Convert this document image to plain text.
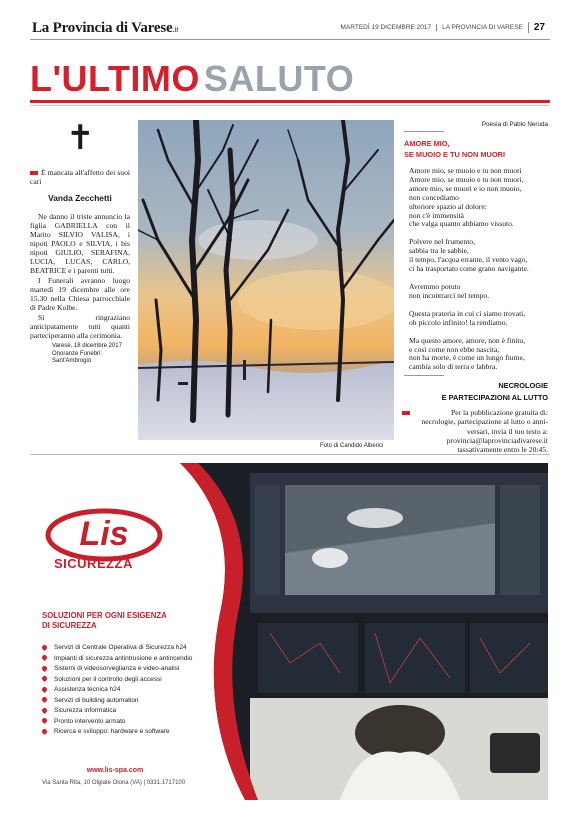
La Provincia di Varese.it	MARTEDÌ 19 DICEMBRE 2017	LA PROVINCIA DI VARESE	27
L'ULTIMO SALUTO
✝
È mancata all'affetto dei suoi cari
Vanda Zecchetti

Ne danno il triste annuncio la figlia GABRIELLA con il Marito SILVIO VALISA, i nipoti PAOLO e SILVIA, i bis nipoti GIULIO, SERAFINA, LUCIA, LUCAS, CARLO, BEATRICE e i parenti tutti.

I Funerali avranno luogo martedì 19 dicembre alle ore 15.30 nella Chiesa parrocchiale di Padre Kolbe.

Si ringraziano anticipatamente tutti quanti parteciperanno alla cerimonia.

Varese, 18 dicembre 2017
Onoranze Funebri: Sant'Ambrogio
Foto di Candido Alberici
Poesia di Pablo Neruda
AMORE MIO,
SE MUOIO E TU NON MUORI
Amore mio, se muoio e tu non muori
Amore mio, se muoio e tu non muori,
amore mio, se muori e io non muoio,
non concediamo
ulteriore spazio al dolore:
non c'è immensità
che valga quanto abbiamo vissuto.
Polvere nel frumento,
sabbia tra le sabbie,
il tempo, l'acqua errante, il vento vago,
ci ha trasportato come grano navigante.
Avremmo potuto
non incontrarci nel tempo.
Questa prateria in cui ci siamo trovati,
oh piccolo infinito! la rendiamo.
Ma questo amore, amore, non è finito,
e così come non ebbe nascita,
non ha morte, è come un lungo fiume,
cambia solo di terra e labbra.
NECROLOGIE
E PARTECIPAZIONI AL LUTTO
Per la pubblicazione gratuita di:
necrologie, partecipazione al lutto o anni-
versari, invia il tuo testo a:
provincia@laprovinciadivarese.it
tassativamente entro le 20:45.
Lis
SICUREZZA
SOLUZIONI PER OGNI ESIGENZA
DI SICUREZZA
Servizi di Centrale Operativa di Sicurezza h24
Impianti di sicurezza antintrusione e antincendio
Sistemi di videosorveglianza e video-analisi
Soluzioni per il controllo degli accessi
Assistenza tecnica h24
Servizi di building automation
Sicurezza informatica
Pronto intervento armato
Ricerca e sviluppo: hardware e software
www.lis-spa.com
Via Santa Rita, 10 Olgiate Olona (VA) | 0331.1717100
